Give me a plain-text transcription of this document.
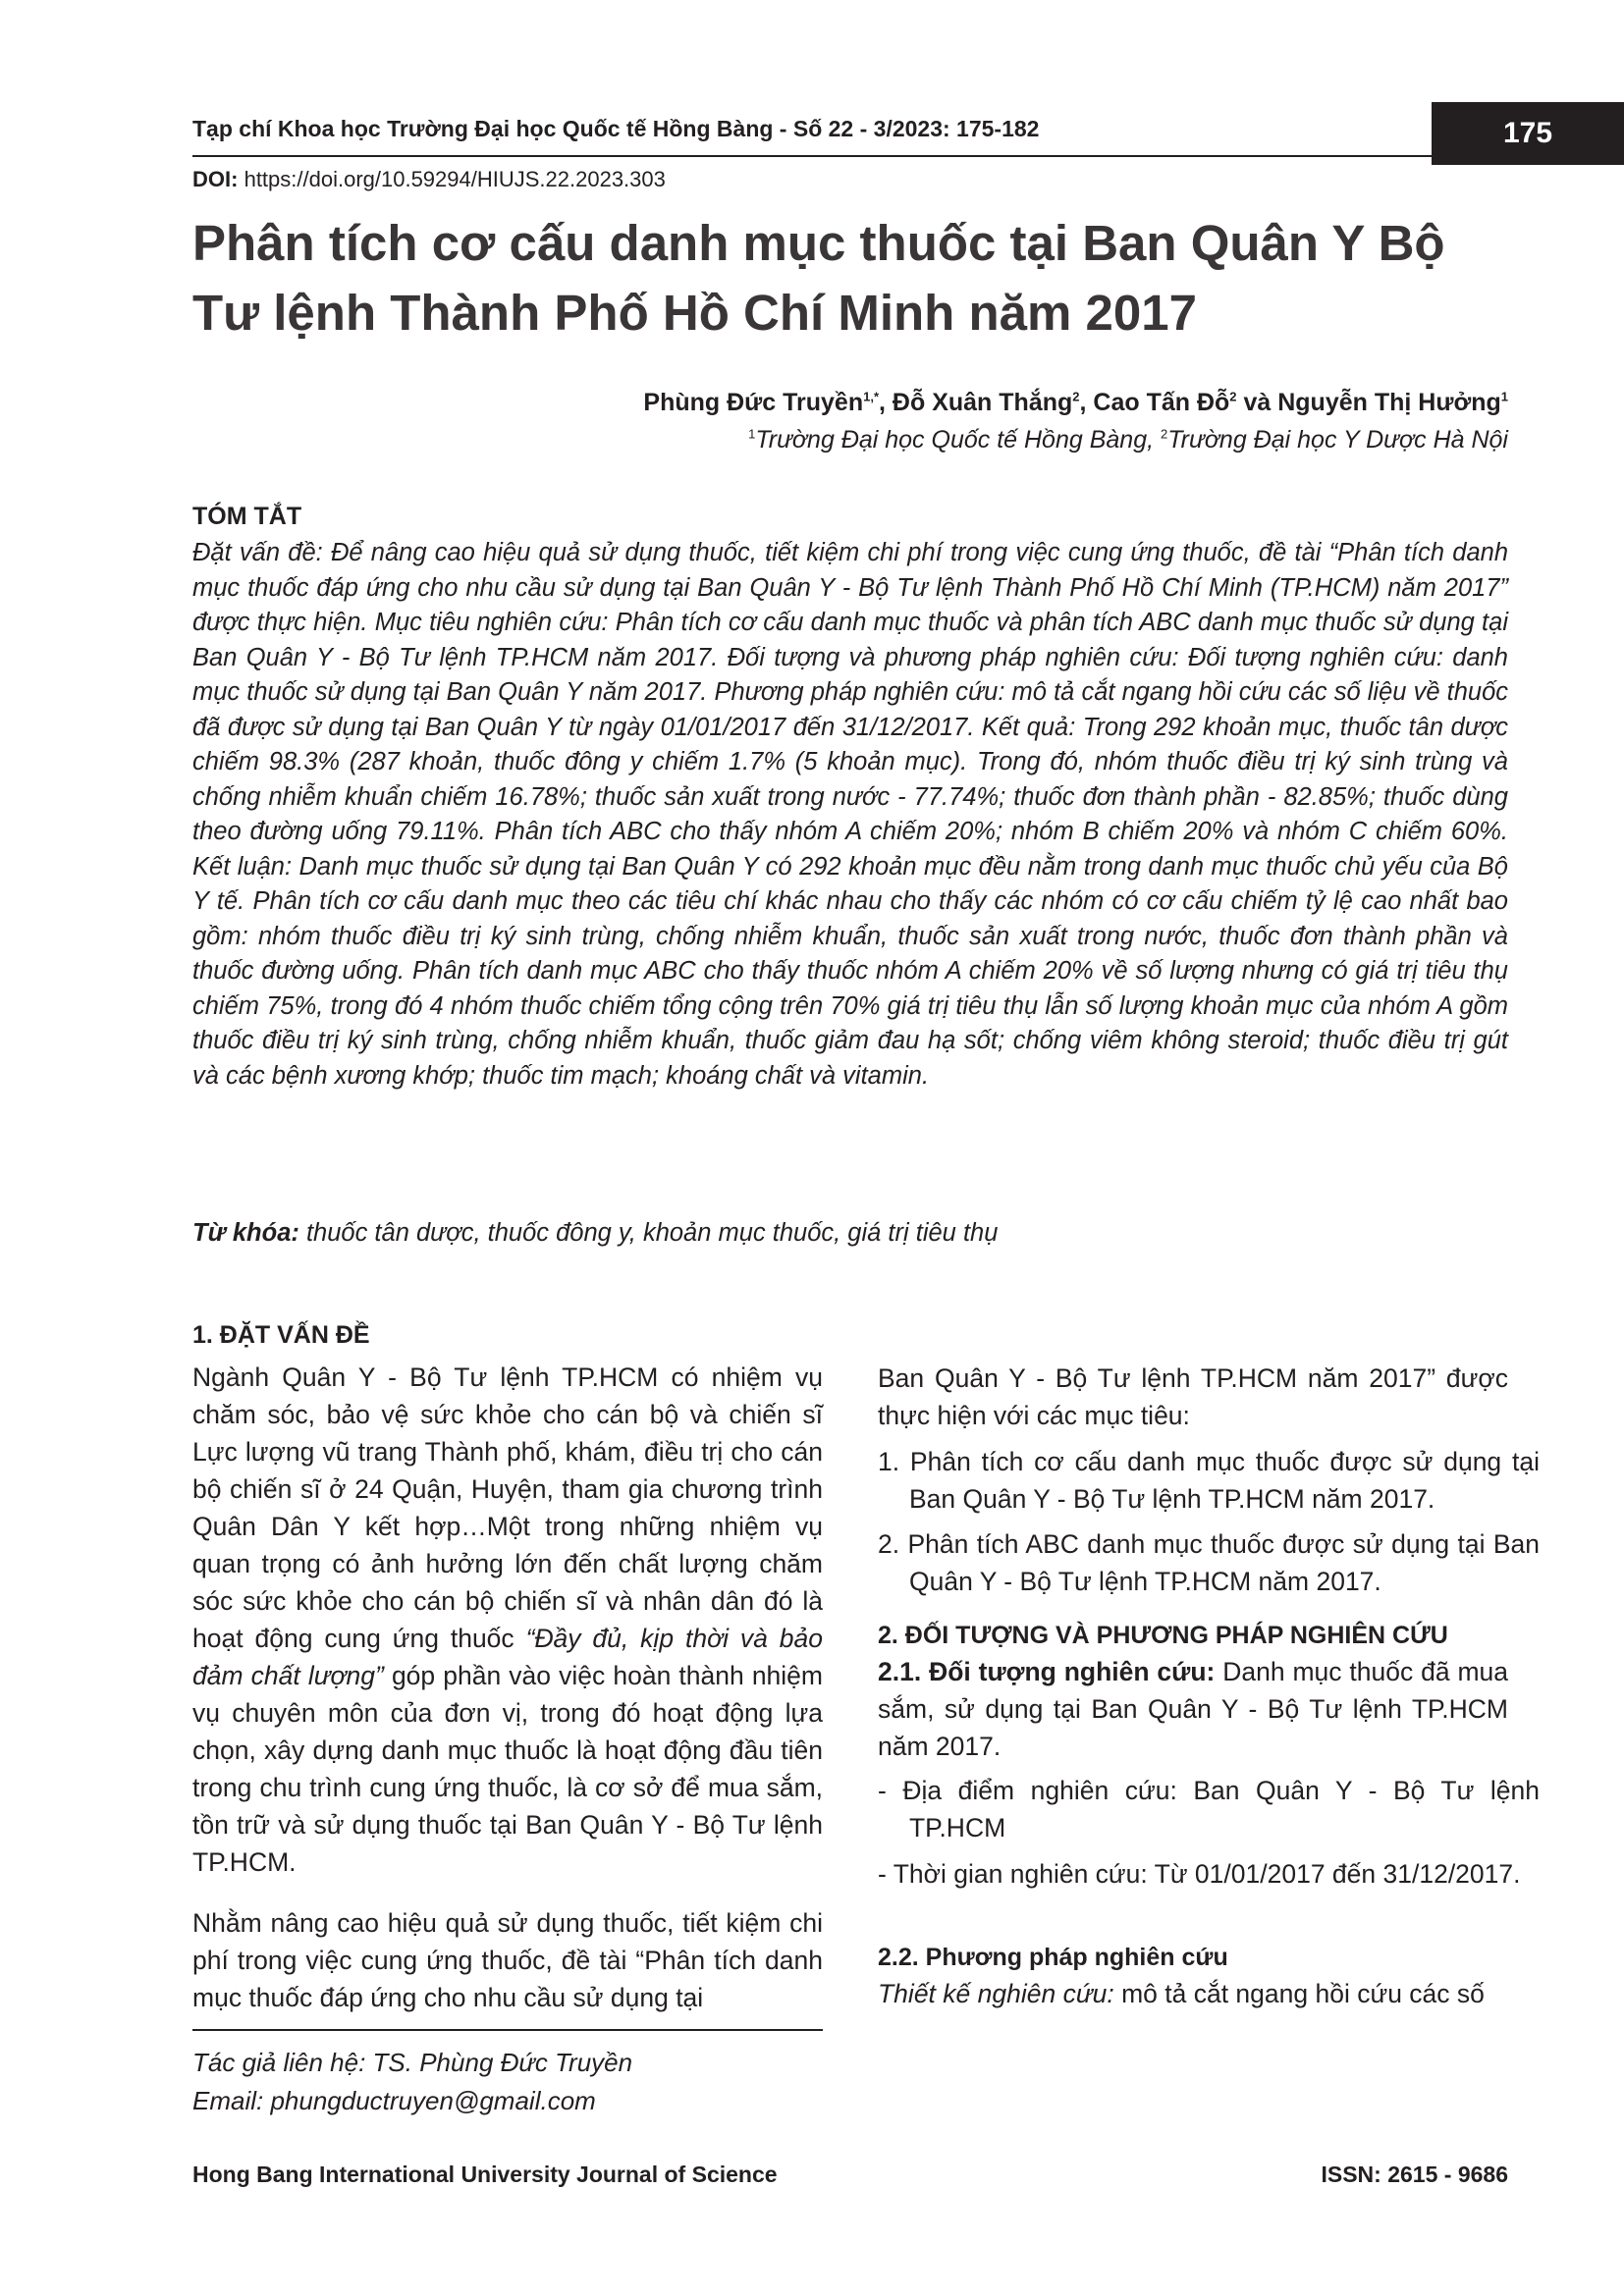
Tạp chí Khoa học Trường Đại học Quốc tế Hồng Bàng - Số 22 - 3/2023: 175-182	175
DOI: https://doi.org/10.59294/HIUJS.22.2023.303
Phân tích cơ cấu danh mục thuốc tại Ban Quân Y Bộ Tư lệnh Thành Phố Hồ Chí Minh năm 2017
Phùng Đức Truyền$^{1,*}$, Đỗ Xuân Thắng$^2$, Cao Tấn Đỗ$^2$ và Nguyễn Thị Hưởng$^1$
$^1$Trường Đại học Quốc tế Hồng Bàng, $^2$Trường Đại học Y Dược Hà Nội
TÓM TẮT
Đặt vấn đề: Để nâng cao hiệu quả sử dụng thuốc, tiết kiệm chi phí trong việc cung ứng thuốc, đề tài “Phân tích danh mục thuốc đáp ứng cho nhu cầu sử dụng tại Ban Quân Y - Bộ Tư lệnh Thành Phố Hồ Chí Minh (TP.HCM) năm 2017” được thực hiện. Mục tiêu nghiên cứu: Phân tích cơ cấu danh mục thuốc và phân tích ABC danh mục thuốc sử dụng tại Ban Quân Y - Bộ Tư lệnh TP.HCM năm 2017. Đối tượng và phương pháp nghiên cứu: Đối tượng nghiên cứu: danh mục thuốc sử dụng tại Ban Quân Y năm 2017. Phương pháp nghiên cứu: mô tả cắt ngang hồi cứu các số liệu về thuốc đã được sử dụng tại Ban Quân Y từ ngày 01/01/2017 đến 31/12/2017. Kết quả: Trong 292 khoản mục, thuốc tân dược chiếm 98.3% (287 khoản, thuốc đông y chiếm 1.7% (5 khoản mục). Trong đó, nhóm thuốc điều trị ký sinh trùng và chống nhiễm khuẩn chiếm 16.78%; thuốc sản xuất trong nước - 77.74%; thuốc đơn thành phần - 82.85%; thuốc dùng theo đường uống 79.11%. Phân tích ABC cho thấy nhóm A chiếm 20%; nhóm B chiếm 20% và nhóm C chiếm 60%. Kết luận: Danh mục thuốc sử dụng tại Ban Quân Y có 292 khoản mục đều nằm trong danh mục thuốc chủ yếu của Bộ Y tế. Phân tích cơ cấu danh mục theo các tiêu chí khác nhau cho thấy các nhóm có cơ cấu chiếm tỷ lệ cao nhất bao gồm: nhóm thuốc điều trị ký sinh trùng, chống nhiễm khuẩn, thuốc sản xuất trong nước, thuốc đơn thành phần và thuốc đường uống. Phân tích danh mục ABC cho thấy thuốc nhóm A chiếm 20% về số lượng nhưng có giá trị tiêu thụ chiếm 75%, trong đó 4 nhóm thuốc chiếm tổng cộng trên 70% giá trị tiêu thụ lẫn số lượng khoản mục của nhóm A gồm thuốc điều trị ký sinh trùng, chống nhiễm khuẩn, thuốc giảm đau hạ sốt; chống viêm không steroid; thuốc điều trị gút và các bệnh xương khớp; thuốc tim mạch; khoáng chất và vitamin.
Từ khóa: thuốc tân dược, thuốc đông y, khoản mục thuốc, giá trị tiêu thụ
1. ĐẶT VẤN ĐỀ

Ngành Quân Y - Bộ Tư lệnh TP.HCM có nhiệm vụ chăm sóc, bảo vệ sức khỏe cho cán bộ và chiến sĩ Lực lượng vũ trang Thành phố, khám, điều trị cho cán bộ chiến sĩ ở 24 Quận, Huyện, tham gia chương trình Quân Dân Y kết hợp…Một trong những nhiệm vụ quan trọng có ảnh hưởng lớn đến chất lượng chăm sóc sức khỏe cho cán bộ chiến sĩ và nhân dân đó là hoạt động cung ứng thuốc “Đầy đủ, kịp thời và bảo đảm chất lượng” góp phần vào việc hoàn thành nhiệm vụ chuyên môn của đơn vị, trong đó hoạt động lựa chọn, xây dựng danh mục thuốc là hoạt động đầu tiên trong chu trình cung ứng thuốc, là cơ sở để mua sắm, tồn trữ và sử dụng thuốc tại Ban Quân Y - Bộ Tư lệnh TP.HCM.

Nhằm nâng cao hiệu quả sử dụng thuốc, tiết kiệm chi phí trong việc cung ứng thuốc, đề tài “Phân tích danh mục thuốc đáp ứng cho nhu cầu sử dụng tại
Tác giả liên hệ: TS. Phùng Đức Truyền
Email: phungductruyen@gmail.com
Ban Quân Y - Bộ Tư lệnh TP.HCM năm 2017” được thực hiện với các mục tiêu:
1. Phân tích cơ cấu danh mục thuốc được sử dụng tại Ban Quân Y - Bộ Tư lệnh TP.HCM năm 2017.
2. Phân tích ABC danh mục thuốc được sử dụng tại Ban Quân Y - Bộ Tư lệnh TP.HCM năm 2017.
2. ĐỐI TƯỢNG VÀ PHƯƠNG PHÁP NGHIÊN CỨU

2.1. Đối tượng nghiên cứu: Danh mục thuốc đã mua sắm, sử dụng tại Ban Quân Y - Bộ Tư lệnh TP.HCM năm 2017.

- Địa điểm nghiên cứu: Ban Quân Y - Bộ Tư lệnh TP.HCM
- Thời gian nghiên cứu: Từ 01/01/2017 đến 31/12/2017.
2.2. Phương pháp nghiên cứu

Thiết kế nghiên cứu: mô tả cắt ngang hồi cứu các số

Hong Bang International University Journal of Science	ISSN: 2615 - 9686
